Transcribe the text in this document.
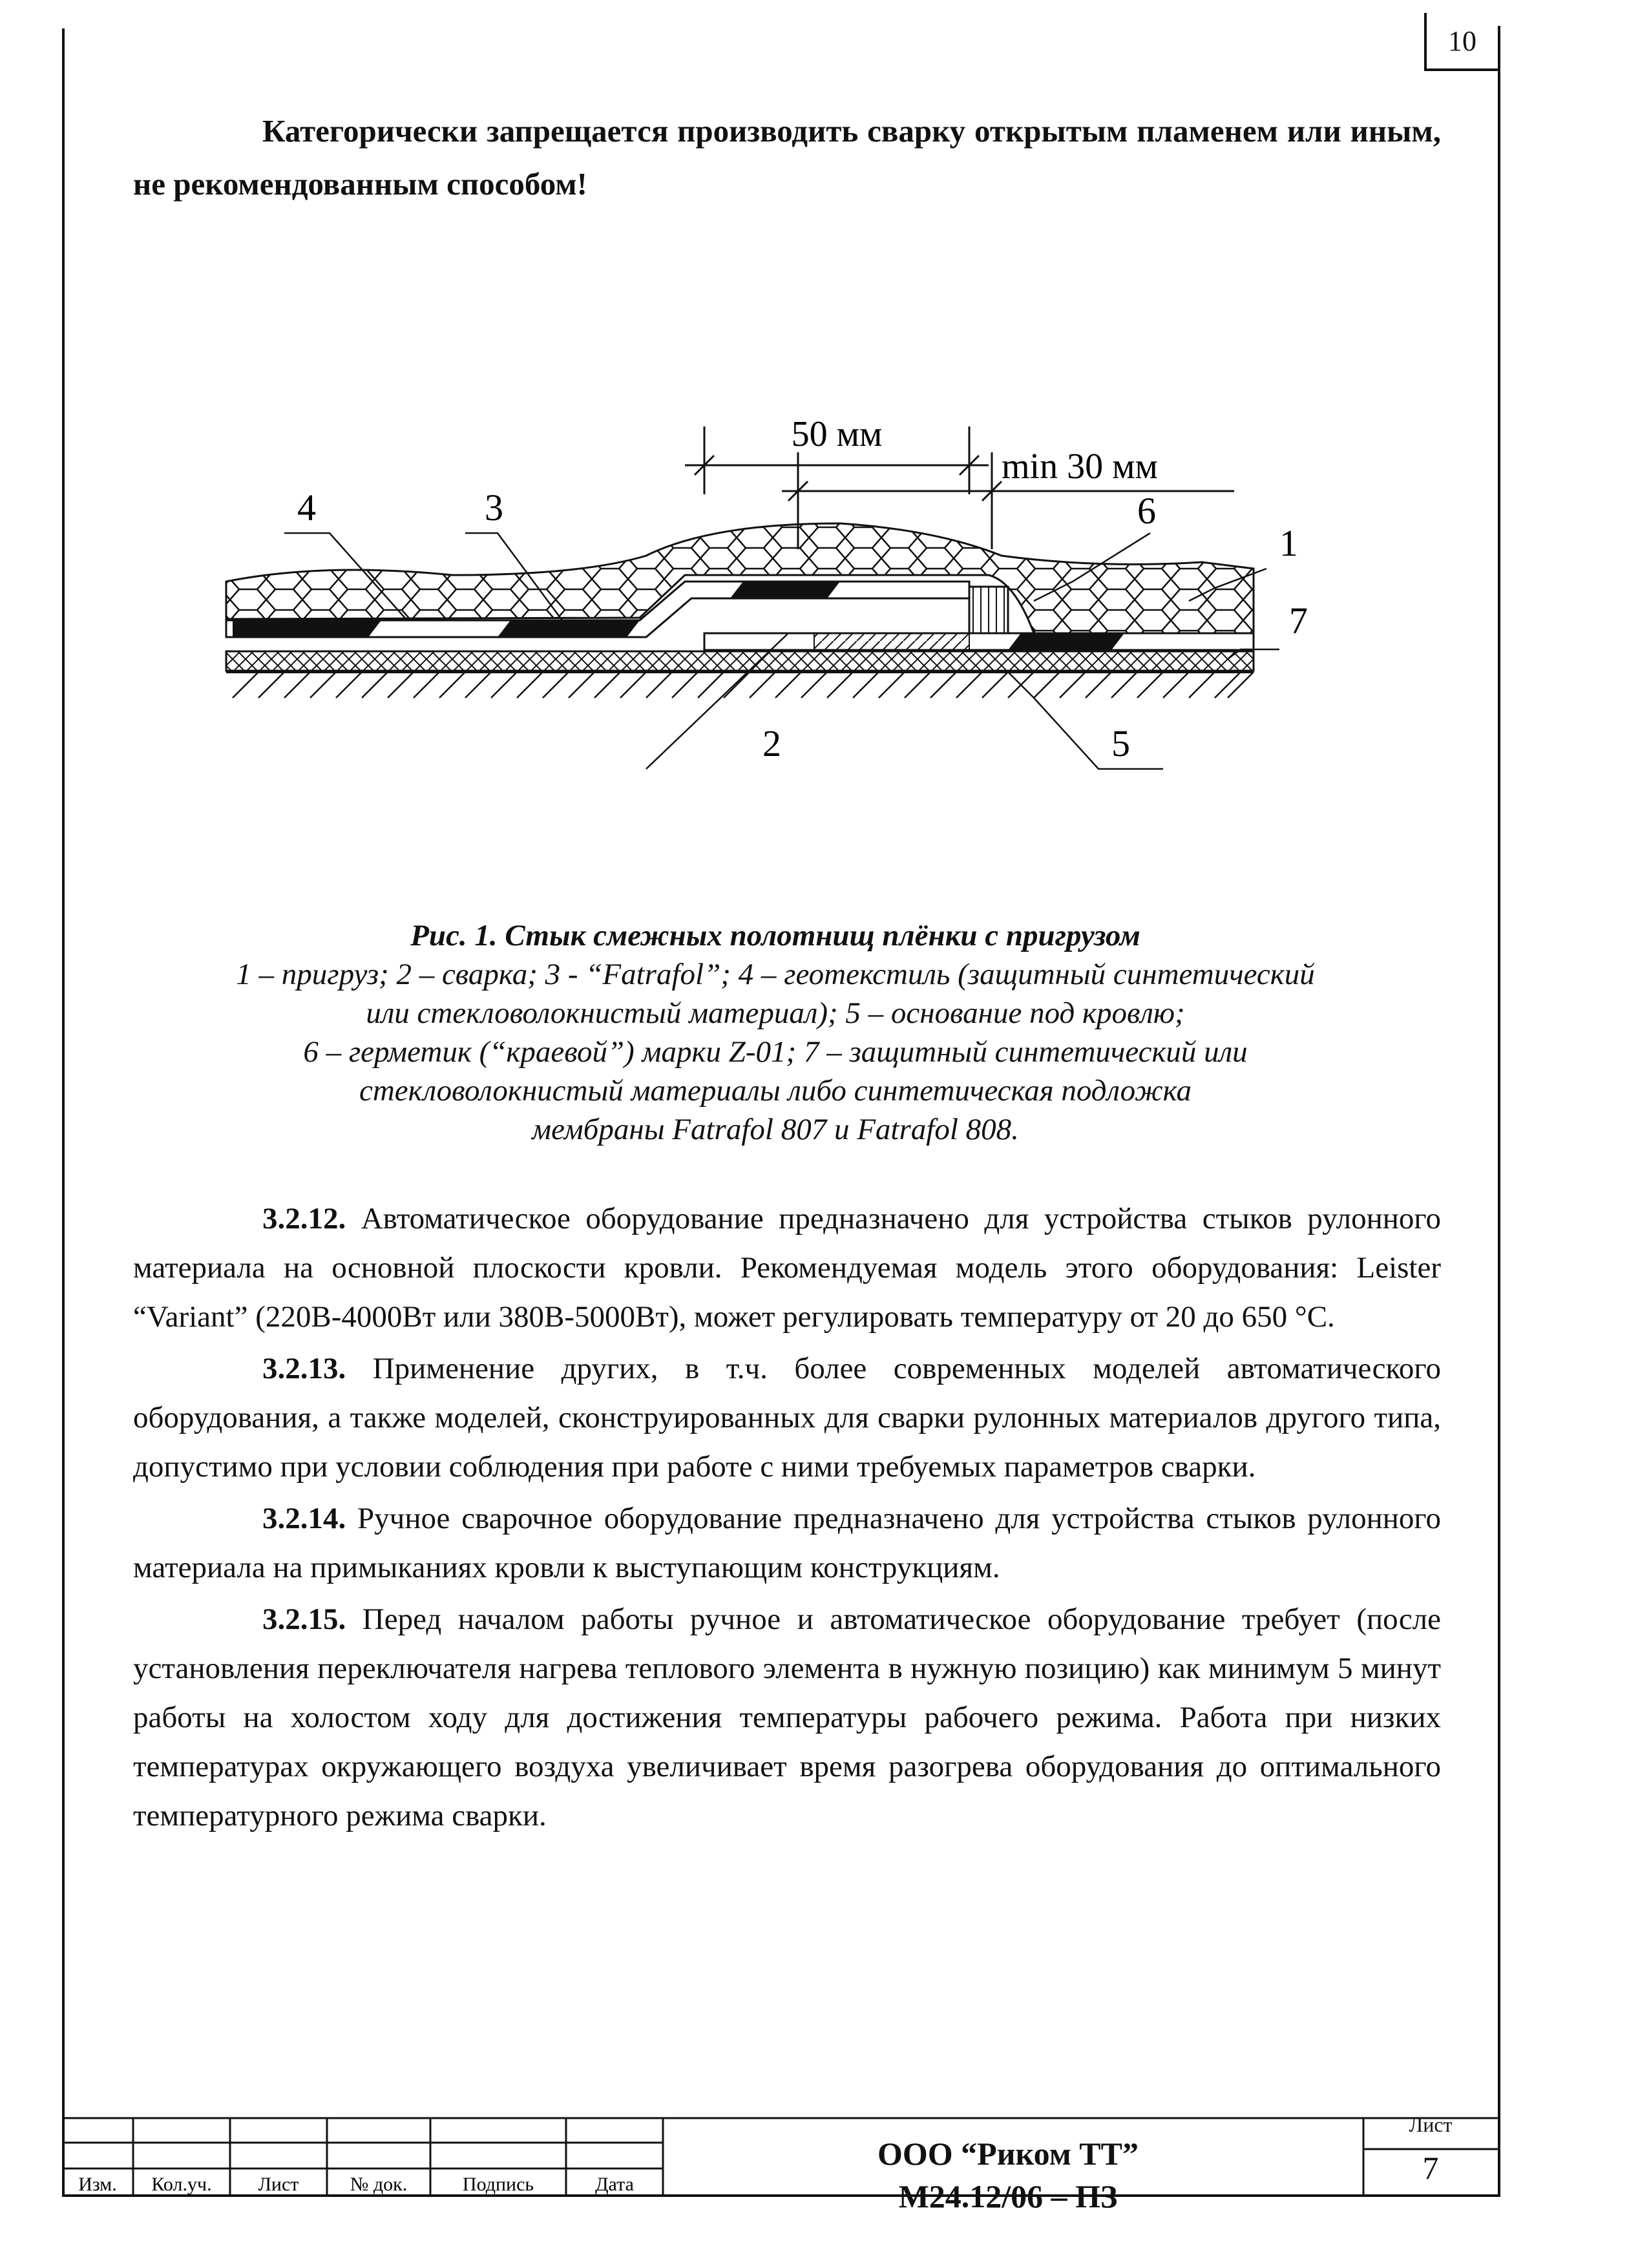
10
Категорически запрещается производить сварку открытым пламенем или иным, не рекомендованным способом!
50 мм
min 30 мм
4	3	6
1
7
2	5
Рис. 1. Стык смежных полотнищ плёнки с пригрузом
1 – пригруз; 2 – сварка; 3 - “Fatrafol”; 4 – геотекстиль (защитный синтетический
или стекловолокнистый материал); 5 – основание под кровлю;
6 – герметик (“краевой”) марки Z-01; 7 – защитный синтетический или
стекловолокнистый материалы либо синтетическая подложка
мембраны Fatrafol 807 и Fatrafol 808.

3.2.12. Автоматическое оборудование предназначено для устройства стыков рулонного материала на основной плоскости кровли. Рекомендуемая модель этого оборудования: Leister “Variant” (220В-4000Вт или 380В-5000Вт), может регулировать температуру от 20 до 650 °С.

3.2.13. Применение других, в т.ч. более современных моделей автоматического оборудования, а также моделей, сконструированных для сварки рулонных материалов другого типа, допустимо при условии соблюдения при работе с ними требуемых параметров сварки.

3.2.14. Ручное сварочное оборудование предназначено для устройства стыков рулонного материала на примыканиях кровли к выступающим конструкциям.

3.2.15. Перед началом работы ручное и автоматическое оборудование требует (после установления переключателя нагрева теплового элемента в нужную позицию) как минимум 5 минут работы на холостом ходу для достижения температуры рабочего режима. Работа при низких температурах окружающего воздуха увеличивает время разогрева оборудования до оптимального температурного режима сварки.

Изм. Кол.уч. Лист	№ док.	Подпись	Дата
ООО “Риком ТТ”
М24.12/06 – ПЗ
Лист
7
